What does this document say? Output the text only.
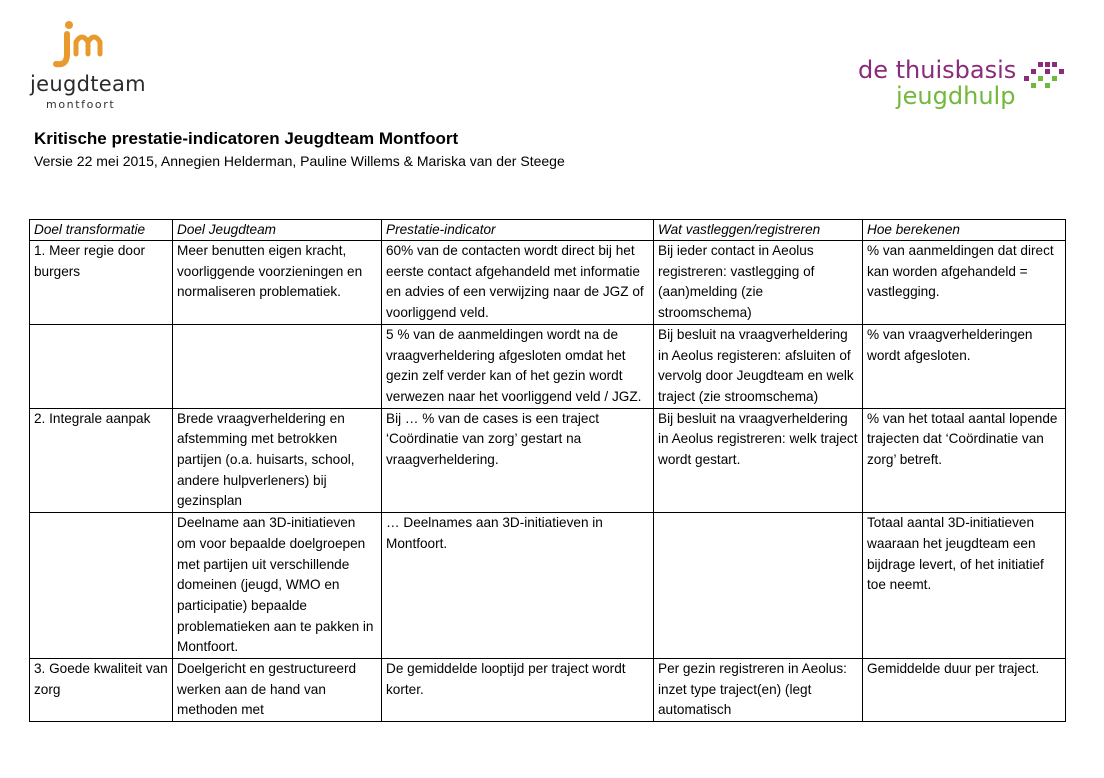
jeugdteam
montfoort
de thuisbasis
jeugdhulp
Kritische prestatie-indicatoren Jeugdteam Montfoort
Versie 22 mei 2015, Annegien Helderman, Pauline Willems & Mariska van der Steege
Doel transformatie	Doel Jeugdteam	Prestatie-indicator	Wat vastleggen/registreren	Hoe berekenen
1. Meer regie door burgers	Meer benutten eigen kracht, voorliggende voorzieningen en normaliseren problematiek.	60% van de contacten wordt direct bij het eerste contact afgehandeld met informatie en advies of een verwijzing naar de JGZ of voorliggend veld.	Bij ieder contact in Aeolus registreren: vastlegging of (aan)melding (zie stroomschema)	% van aanmeldingen dat direct kan worden afgehandeld = vastlegging.
		5 % van de aanmeldingen wordt na de vraagverheldering afgesloten omdat het gezin zelf verder kan of het gezin wordt verwezen naar het voorliggend veld / JGZ.	Bij besluit na vraagverheldering in Aeolus registeren: afsluiten of vervolg door Jeugdteam en welk traject (zie stroomschema)	% van vraagverhelderingen wordt afgesloten.
2. Integrale aanpak	Brede vraagverheldering en afstemming met betrokken partijen (o.a. huisarts, school, andere hulpverleners) bij gezinsplan	Bij … % van de cases is een traject ‘Coördinatie van zorg’ gestart na vraagverheldering.	Bij besluit na vraagverheldering in Aeolus registreren: welk traject wordt gestart.	% van het totaal aantal lopende trajecten dat ‘Coördinatie van zorg’ betreft.
	Deelname aan 3D-initiatieven om voor bepaalde doelgroepen met partijen uit verschillende domeinen (jeugd, WMO en participatie) bepaalde problematieken aan te pakken in Montfoort.	… Deelnames aan 3D-initiatieven in Montfoort.		Totaal aantal 3D-initiatieven waaraan het jeugdteam een bijdrage levert, of het initiatief toe neemt.
3. Goede kwaliteit van zorg	Doelgericht en gestructureerd werken aan de hand van methoden met	De gemiddelde looptijd per traject wordt korter.	Per gezin registreren in Aeolus: inzet type traject(en) (legt automatisch	Gemiddelde duur per traject.
